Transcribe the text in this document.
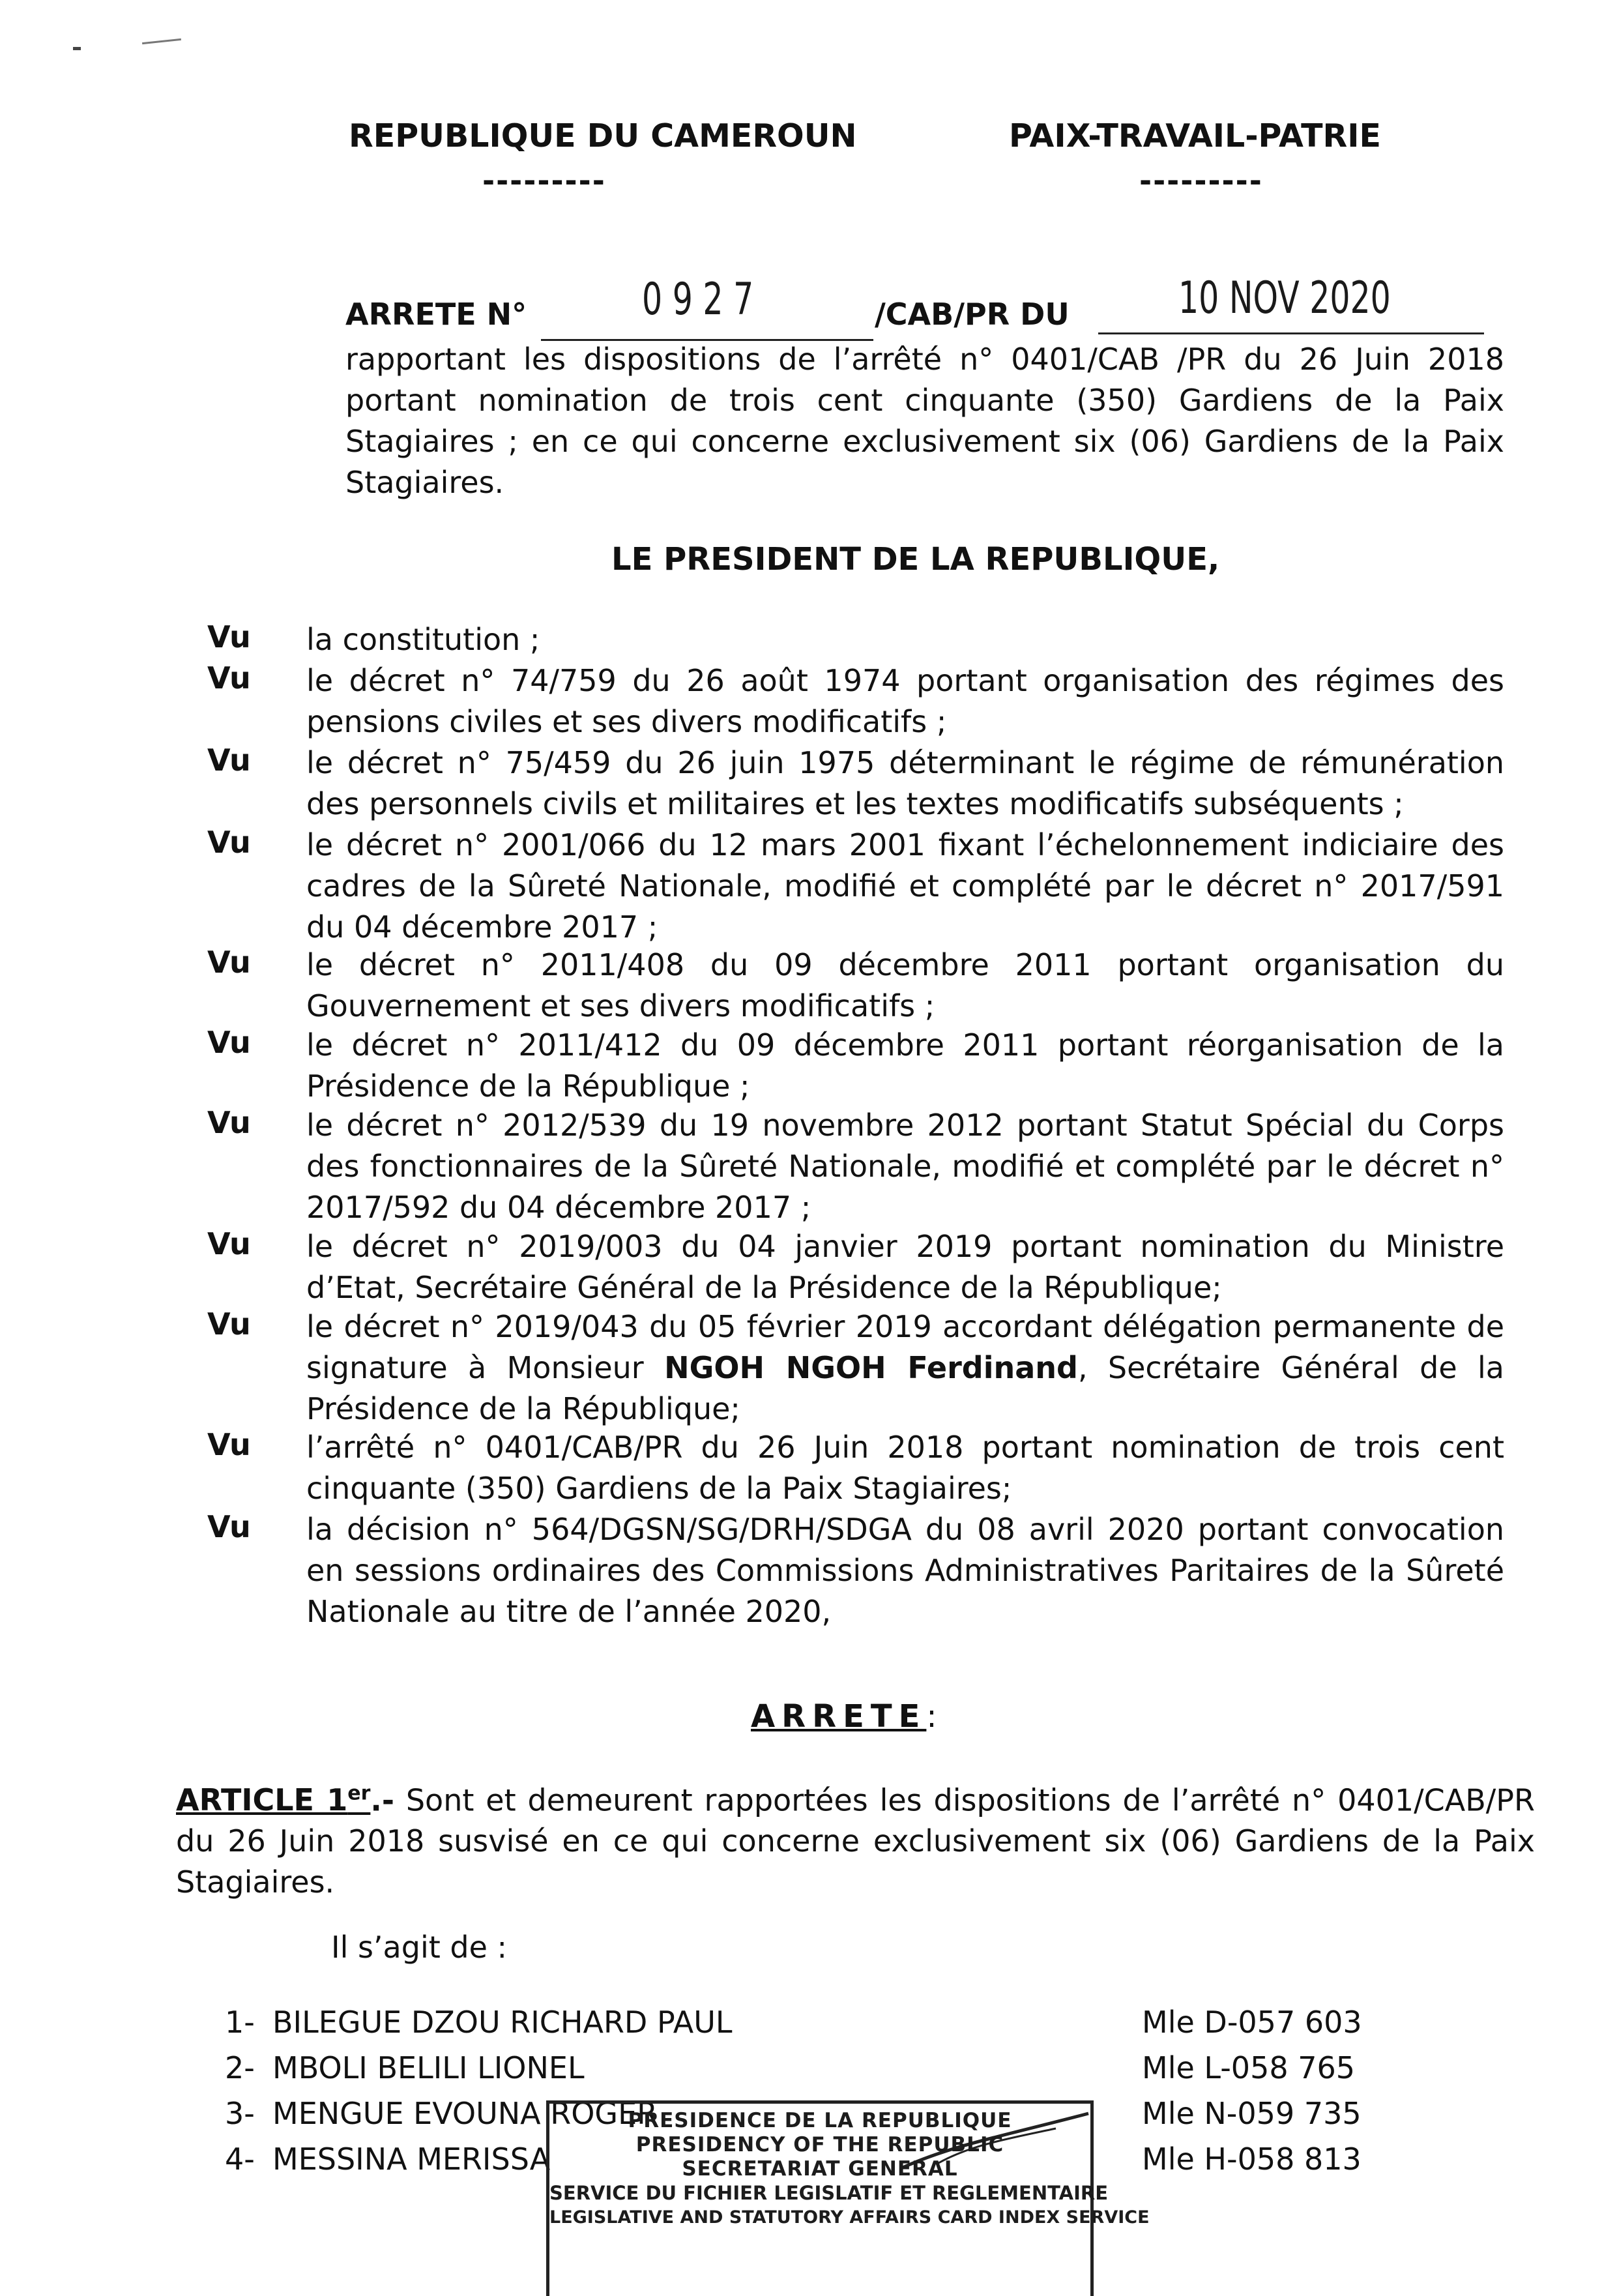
REPUBLIQUE DU CAMEROUN
---------
PAIX-TRAVAIL-PATRIE
---------
ARRETE N°	0 9 2 7	/CAB/PR DU 10 NOV 2020
rapportant les dispositions de l’arrêté n° 0401/CAB /PR du 26 Juin 2018 portant nomination de trois cent cinquante (350) Gardiens de la Paix Stagiaires ; en ce qui concerne exclusivement six (06) Gardiens de la Paix Stagiaires.
LE PRESIDENT DE LA REPUBLIQUE,
Vu la constitution ;
Vu le décret n° 74/759 du 26 août 1974 portant organisation des régimes des pensions civiles et ses divers modificatifs ;
Vu le décret n° 75/459 du 26 juin 1975 déterminant le régime de rémunération des personnels civils et militaires et les textes modificatifs subséquents ;
Vu le décret n° 2001/066 du 12 mars 2001 fixant l’échelonnement indiciaire des cadres de la Sûreté Nationale, modifié et complété par le décret n° 2017/591 du 04 décembre 2017 ;
Vu le décret n° 2011/408 du 09 décembre 2011 portant organisation du Gouvernement et ses divers modificatifs ;
Vu le décret n° 2011/412 du 09 décembre 2011 portant réorganisation de la Présidence de la République ;
Vu le décret n° 2012/539 du 19 novembre 2012 portant Statut Spécial du Corps des fonctionnaires de la Sûreté Nationale, modifié et complété par le décret n° 2017/592 du 04 décembre 2017 ;
Vu le décret n° 2019/003 du 04 janvier 2019 portant nomination du Ministre d’Etat, Secrétaire Général de la Présidence de la République;
Vu le décret n° 2019/043 du 05 février 2019 accordant délégation permanente de signature à Monsieur NGOH NGOH Ferdinand, Secrétaire Général de la Présidence de la République;
Vu l’arrêté n° 0401/CAB/PR du 26 Juin 2018 portant nomination de trois cent cinquante (350) Gardiens de la Paix Stagiaires;
Vu la décision n° 564/DGSN/SG/DRH/SDGA du 08 avril 2020 portant convocation en sessions ordinaires des Commissions Administratives Paritaires de la Sûreté Nationale au titre de l’année 2020,
ARRETE:
ARTICLE 1er.- Sont et demeurent rapportées les dispositions de l’arrêté n° 0401/CAB/PR du 26 Juin 2018 susvisé en ce qui concerne exclusivement six (06) Gardiens de la Paix Stagiaires.
Il s’agit de :
1- BILEGUE DZOU RICHARD PAUL	Mle D-057 603
2- MBOLI BELILI LIONEL	Mle L-058 765
3- MENGUE EVOUNA ROGER	Mle N-059 735
4- MESSINA MERISSA	Mle H-058 813
PRESIDENCE DE LA REPUBLIQUE
PRESIDENCY OF THE REPUBLIC
SECRETARIAT GENERAL
SERVICE DU FICHIER LEGISLATIF ET REGLEMENTAIRE
LEGISLATIVE AND STATUTORY AFFAIRS CARD INDEX SERVICE
